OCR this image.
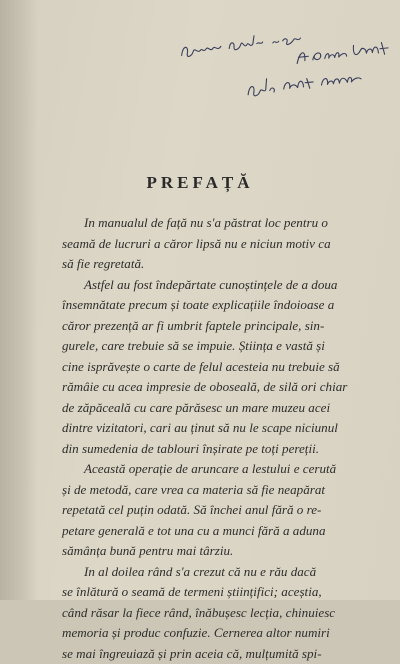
PREFAȚĂ
In manualul de față nu s'a păstrat loc pentru o
seamă de lucruri a căror lipsă nu e niciun motiv ca
să fie regretată.
Astfel au fost îndepărtate cunoștințele de a doua
însemnătate precum și toate explicațiile îndoioase a
căror prezență ar fi umbrit faptele principale, sin-
gurele, care trebuie să se impuie. Știința e vastă și
cine isprăvește o carte de felul acesteia nu trebuie să
rămâie cu acea impresie de oboseală, de silă ori chiar
de zăpăceală cu care părăsesc un mare muzeu acei
dintre vizitatori, cari au ținut să nu le scape niciunul
din sumedenia de tablouri înșirate pe toți pereții.
Această operație de aruncare a lestului e cerută
și de metodă, care vrea ca materia să fie neapărat
repetată cel puțin odată. Să închei anul fără o re-
petare generală e tot una cu a munci fără a aduna
sămânța bună pentru mai târziu.
In al doilea rând s'a crezut că nu e rău dacă
se înlătură o seamă de termeni științifici; aceștia,
când răsar la fiece rând, înăbușesc lecția, chinuiesc
memoria și produc confuzie. Cernerea altor numiri
se mai îngreuiază și prin aceia că, mulțumită spi-
